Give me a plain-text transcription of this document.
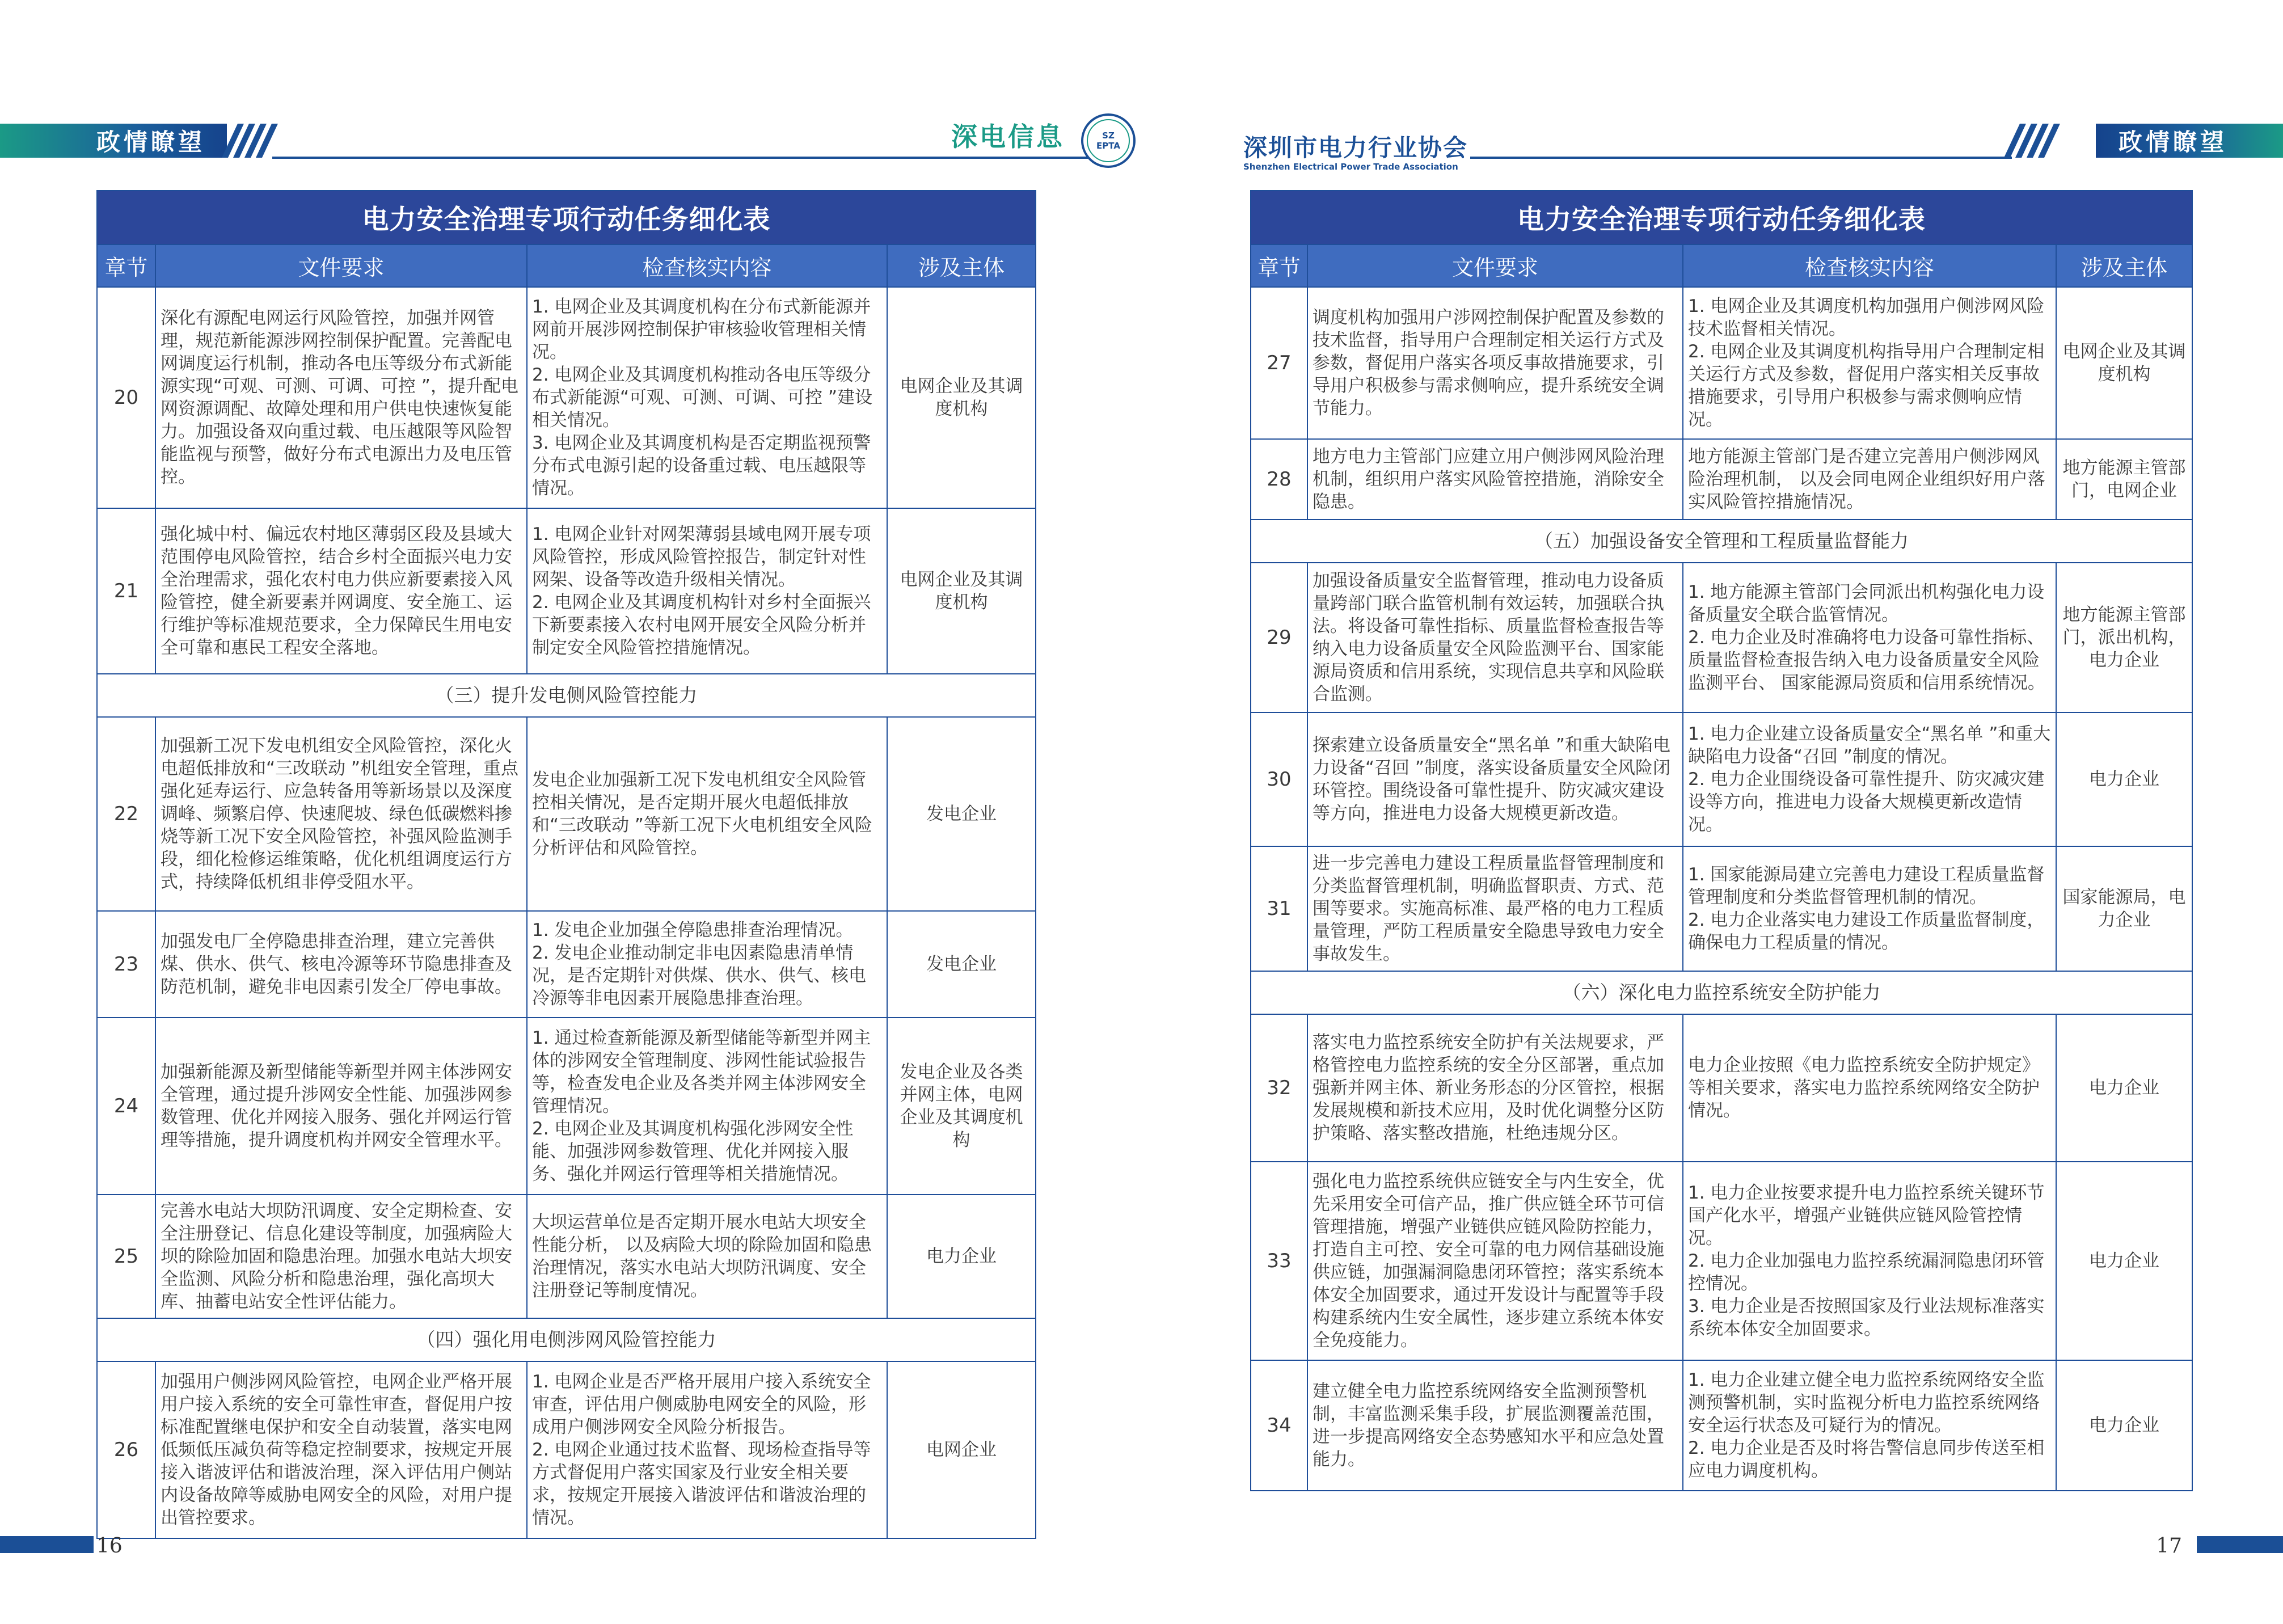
政情瞭望	深电信息	SZ
EPTA
电力安全治理专项行动任务细化表			
章节	文件要求	检查核实内容	涉及主体
20	深化有源配电网运行风险管控，加强并网管理，规范新能源涉网控制保护配置。完善配电网调度运行机制，推动各电压等级分布式新能源实现“可观、可测、可调、可控 ”，提升配电网资源调配、故障处理和用户供电快速恢复能力。加强设备双向重过载、电压越限等风险智能监视与预警，做好分布式电源出力及电压管控。	1. 电网企业及其调度机构在分布式新能源并网前开展涉网控制保护审核验收管理相关情况。

2. 电网企业及其调度机构推动各电压等级分布式新能源“可观、可测、可调、可控 ”建设相关情况。

3. 电网企业及其调度机构是否定期监视预警分布式电源引起的设备重过载、电压越限等情况。	电网企业及其调度机构
21	强化城中村、偏远农村地区薄弱区段及县域大范围停电风险管控，结合乡村全面振兴电力安全治理需求，强化农村电力供应新要素接入风险管控，健全新要素并网调度、安全施工、运行维护等标准规范要求，全力保障民生用电安全可靠和惠民工程安全落地。	1. 电网企业针对网架薄弱县域电网开展专项风险管控，形成风险管控报告，制定针对性网架、设备等改造升级相关情况。

2. 电网企业及其调度机构针对乡村全面振兴下新要素接入农村电网开展安全风险分析并制定安全风险管控措施情况。	电网企业及其调度机构
（三）提升发电侧风险管控能力			
22	加强新工况下发电机组安全风险管控，深化火电超低排放和“三改联动 ”机组安全管理，重点强化延寿运行、应急转备用等新场景以及深度调峰、频繁启停、快速爬坡、绿色低碳燃料掺烧等新工况下安全风险管控，补强风险监测手段，细化检修运维策略，优化机组调度运行方式，持续降低机组非停受阻水平。	发电企业加强新工况下发电机组安全风险管控相关情况，是否定期开展火电超低排放和“三改联动 ”等新工况下火电机组安全风险分析评估和风险管控。	发电企业
23	加强发电厂全停隐患排查治理，建立完善供煤、供水、供气、核电冷源等环节隐患排查及防范机制，避免非电因素引发全厂停电事故。	1. 发电企业加强全停隐患排查治理情况。

2. 发电企业推动制定非电因素隐患清单情况，是否定期针对供煤、供水、供气、核电冷源等非电因素开展隐患排查治理。	发电企业
24	加强新能源及新型储能等新型并网主体涉网安全管理，通过提升涉网安全性能、加强涉网参数管理、优化并网接入服务、强化并网运行管理等措施，提升调度机构并网安全管理水平。	1. 通过检查新能源及新型储能等新型并网主体的涉网安全管理制度、涉网性能试验报告等，检查发电企业及各类并网主体涉网安全管理情况。

2. 电网企业及其调度机构强化涉网安全性能、加强涉网参数管理、优化并网接入服务、强化并网运行管理等相关措施情况。	发电企业及各类并网主体，电网企业及其调度机构
25	完善水电站大坝防汛调度、安全定期检查、安全注册登记、信息化建设等制度，加强病险大坝的除险加固和隐患治理。加强水电站大坝安全监测、风险分析和隐患治理，强化高坝大库、抽蓄电站安全性评估能力。	大坝运营单位是否定期开展水电站大坝安全性能分析， 以及病险大坝的除险加固和隐患治理情况，落实水电站大坝防汛调度、安全注册登记等制度情况。	电力企业
（四）强化用电侧涉网风险管控能力			
26	加强用户侧涉网风险管控，电网企业严格开展用户接入系统的安全可靠性审查，督促用户按标准配置继电保护和安全自动装置，落实电网低频低压减负荷等稳定控制要求，按规定开展接入谐波评估和谐波治理，深入评估用户侧站内设备故障等威胁电网安全的风险，对用户提出管控要求。	1. 电网企业是否严格开展用户接入系统安全审查，评估用户侧威胁电网安全的风险，形成用户侧涉网安全风险分析报告。

2. 电网企业通过技术监督、现场检查指导等方式督促用户落实国家及行业安全相关要求，按规定开展接入谐波评估和谐波治理的情况。	电网企业
16
深圳市电力行业协会
Shenzhen Electrical Power Trade Association
政情瞭望
电力安全治理专项行动任务细化表			
章节	文件要求	检查核实内容	涉及主体
27	调度机构加强用户涉网控制保护配置及参数的技术监督，指导用户合理制定相关运行方式及参数，督促用户落实各项反事故措施要求，引导用户积极参与需求侧响应，提升系统安全调节能力。	1. 电网企业及其调度机构加强用户侧涉网风险技术监督相关情况。

2. 电网企业及其调度机构指导用户合理制定相关运行方式及参数，督促用户落实相关反事故措施要求，引导用户积极参与需求侧响应情况。	电网企业及其调度机构
28	地方电力主管部门应建立用户侧涉网风险治理机制，组织用户落实风险管控措施，消除安全隐患。	地方能源主管部门是否建立完善用户侧涉网风险治理机制， 以及会同电网企业组织好用户落实风险管控措施情况。	地方能源主管部门，电网企业
（五）加强设备安全管理和工程质量监督能力			
29	加强设备质量安全监督管理，推动电力设备质量跨部门联合监管机制有效运转，加强联合执法。将设备可靠性指标、质量监督检查报告等纳入电力设备质量安全风险监测平台、国家能源局资质和信用系统，实现信息共享和风险联合监测。	1. 地方能源主管部门会同派出机构强化电力设备质量安全联合监管情况。

2. 电力企业及时准确将电力设备可靠性指标、质量监督检查报告纳入电力设备质量安全风险监测平台、 国家能源局资质和信用系统情况。	地方能源主管部门，派出机构，电力企业
30	探索建立设备质量安全“黑名单 ”和重大缺陷电力设备“召回 ”制度，落实设备质量安全风险闭环管控。围绕设备可靠性提升、防灾减灾建设等方向，推进电力设备大规模更新改造。	1. 电力企业建立设备质量安全“黑名单 ”和重大缺陷电力设备“召回 ”制度的情况。

2. 电力企业围绕设备可靠性提升、防灾减灾建设等方向，推进电力设备大规模更新改造情况。	电力企业
31	进一步完善电力建设工程质量监督管理制度和分类监督管理机制，明确监督职责、方式、范围等要求。实施高标准、最严格的电力工程质量管理，严防工程质量安全隐患导致电力安全事故发生。	1. 国家能源局建立完善电力建设工程质量监督管理制度和分类监督管理机制的情况。

2. 电力企业落实电力建设工作质量监督制度，确保电力工程质量的情况。	国家能源局，电力企业
（六）深化电力监控系统安全防护能力			
32	落实电力监控系统安全防护有关法规要求，严格管控电力监控系统的安全分区部署，重点加强新并网主体、新业务形态的分区管控，根据发展规模和新技术应用，及时优化调整分区防护策略、落实整改措施，杜绝违规分区。	电力企业按照《电力监控系统安全防护规定》等相关要求，落实电力监控系统网络安全防护情况。	电力企业
33	强化电力监控系统供应链安全与内生安全，优先采用安全可信产品，推广供应链全环节可信管理措施，增强产业链供应链风险防控能力，打造自主可控、安全可靠的电力网信基础设施供应链，加强漏洞隐患闭环管控；落实系统本体安全加固要求，通过开发设计与配置等手段构建系统内生安全属性，逐步建立系统本体安全免疫能力。	1. 电力企业按要求提升电力监控系统关键环节国产化水平，增强产业链供应链风险管控情况。

2. 电力企业加强电力监控系统漏洞隐患闭环管控情况。

3. 电力企业是否按照国家及行业法规标准落实系统本体安全加固要求。	电力企业
34	建立健全电力监控系统网络安全监测预警机制，丰富监测采集手段，扩展监测覆盖范围，进一步提高网络安全态势感知水平和应急处置能力。	1. 电力企业建立健全电力监控系统网络安全监测预警机制，实时监视分析电力监控系统网络安全运行状态及可疑行为的情况。

2. 电力企业是否及时将告警信息同步传送至相应电力调度机构。	电力企业
17
